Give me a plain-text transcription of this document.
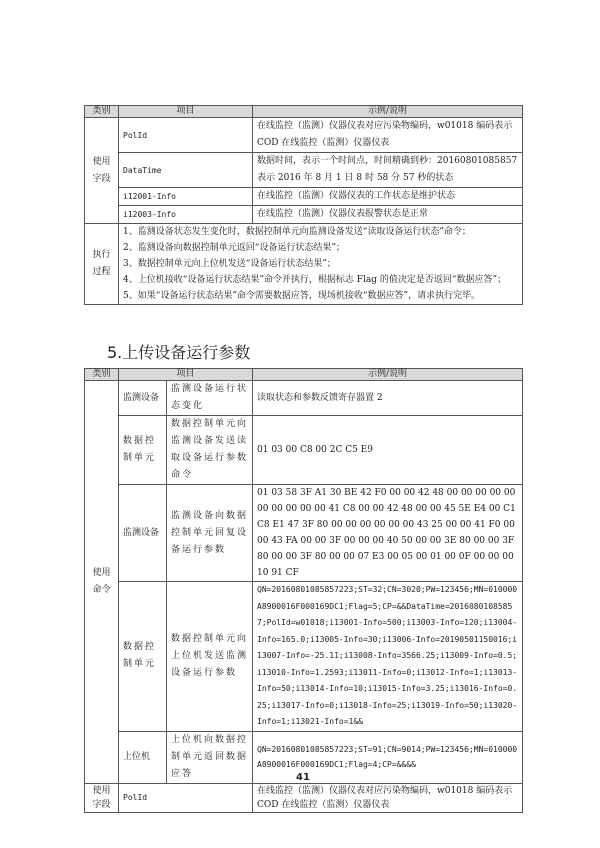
类别	项目	示例/说明
使用字段	PolId	在线监控（监测）仪器仪表对应污染物编码，w01018 编码表示 COD 在线监控（监测）仪器仪表
	DataTime	数据时间，表示一个时间点，时间精确到秒：20160801085857 表示 2016 年 8 月 1 日 8 时 58 分 57 秒的状态
	i12001-Info	在线监控（监测）仪器仪表的工作状态是维护状态
	i12003-Info	在线监控（监测）仪器仪表报警状态是正常
执行过程	1、监测设备状态发生变化时，数据控制单元向监测设备发送“读取设备运行状态”命令；
2、监测设备向数据控制单元返回“设备运行状态结果”；
3、数据控制单元向上位机发送“设备运行状态结果”；
4、上位机接收“设备运行状态结果”命令并执行，根据标志 Flag 的值决定是否返回“数据应答”；
5、如果“设备运行状态结果”命令需要数据应答，现场机接收“数据应答”，请求执行完毕。	
5.上传设备运行参数
类别	项目		示例/说明
使用命令	监测设备	监测设备运行状态变化	读取状态和参数反馈寄存器置 2
	数据控制单元	数据控制单元向监测设备发送读取设备运行参数命令	01 03 00 C8 00 2C C5 E9
	监测设备	监测设备向数据控制单元回复设备运行参数	01 03 58 3F A1 30 BE 42 F0 00 00 42 48 00 00 00 00 00 00 00 00 00 00 41 C8 00 00 42 48 00 00 45 5E E4 00 C1 C8 E1 47 3F 80 00 00 00 00 00 00 43 25 00 00 41 F0 00 00 43 FA 00 00 3F 00 00 00 40 50 00 00 3E 80 00 00 3F 80 00 00 3F 80 00 00 07 E3 00 05 00 01 00 0F 00 00 00 10 91 CF
	数据控制单元	数据控制单元向上位机发送监测设备运行参数	QN=20160801085857223;ST=32;CN=3020;PW=123456;MN=010000A8900016F000169DC1;Flag=5;CP=&&DataTime=20160801085857;PolId=w01018;i13001-Info=500;i13003-Info=120;i13004-Info=165.0;i13005-Info=30;i13006-Info=20190501150016;i13007-Info=-25.11;i13008-Info=3566.25;i13009-Info=0.5;i13010-Info=1.2593;i13011-Info=0;i13012-Info=1;i13013-Info=50;i13014-Info=10;i13015-Info=3.25;i13016-Info=0.25;i13017-Info=0;i13018-Info=25;i13019-Info=50;i13020-Info=1;i13021-Info=1&&
	上位机	上位机向数据控制单元返回数据应答	QN=20160801085857223;ST=91;CN=9014;PW=123456;MN=010000A8900016F000169DC1;Flag=4;CP=&&&&
使用字段	PolId		在线监控（监测）仪器仪表对应污染物编码，w01018 编码表示 COD 在线监控（监测）仪器仪表
41
